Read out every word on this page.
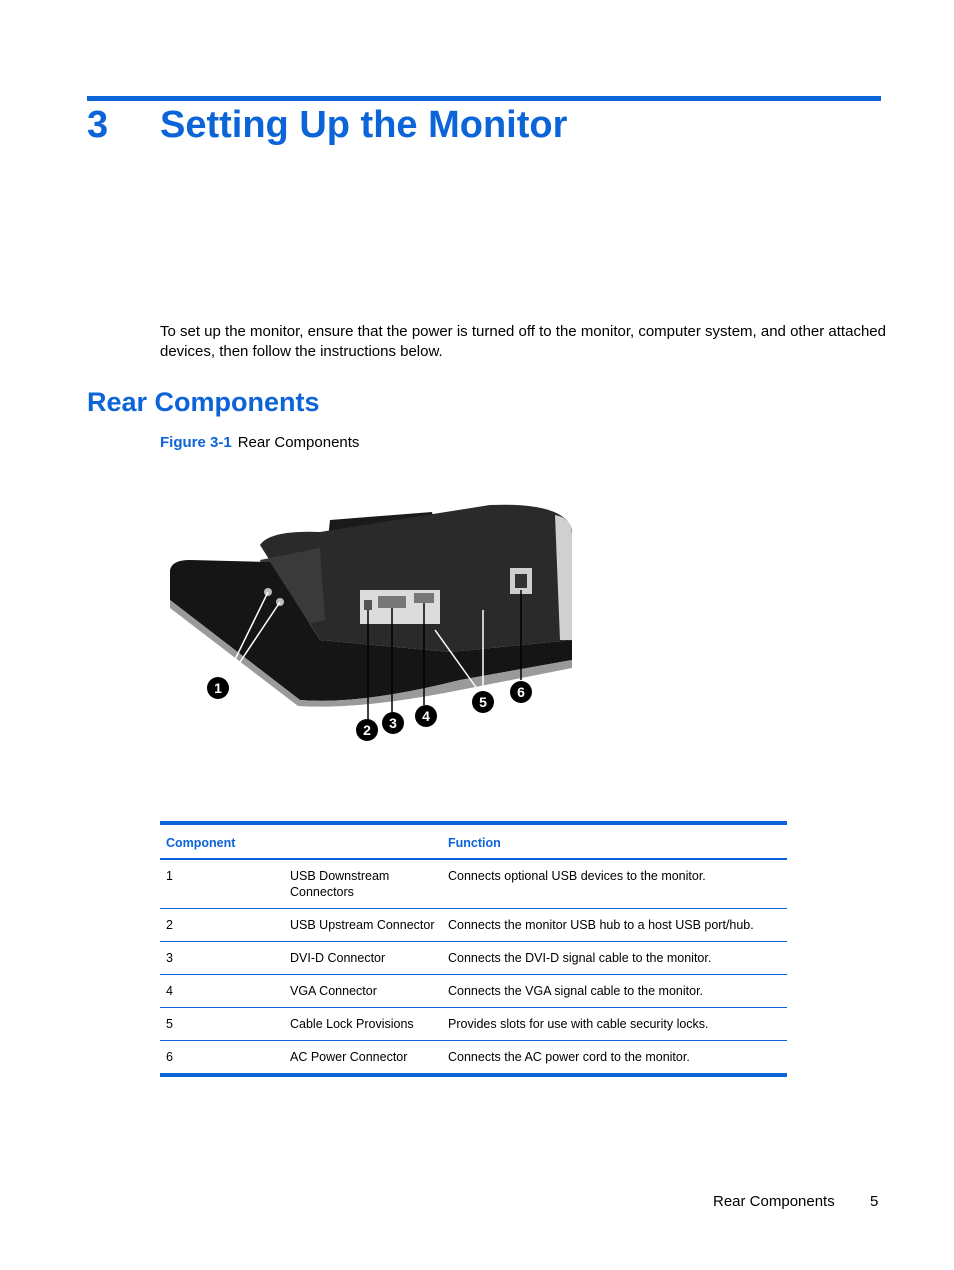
3 Setting Up the Monitor

To set up the monitor, ensure that the power is turned off to the monitor, computer system, and other attached devices, then follow the instructions below.

Rear Components
Figure 3-1 Rear Components
1
2 3 4
5
6
Component		Function
1	USB Downstream Connectors	Connects optional USB devices to the monitor.
2	USB Upstream Connector	Connects the monitor USB hub to a host USB port/hub.
3	DVI-D Connector	Connects the DVI-D signal cable to the monitor.
4	VGA Connector	Connects the VGA signal cable to the monitor.
5	Cable Lock Provisions	Provides slots for use with cable security locks.
6	AC Power Connector	Connects the AC power cord to the monitor.
Rear Components 5
